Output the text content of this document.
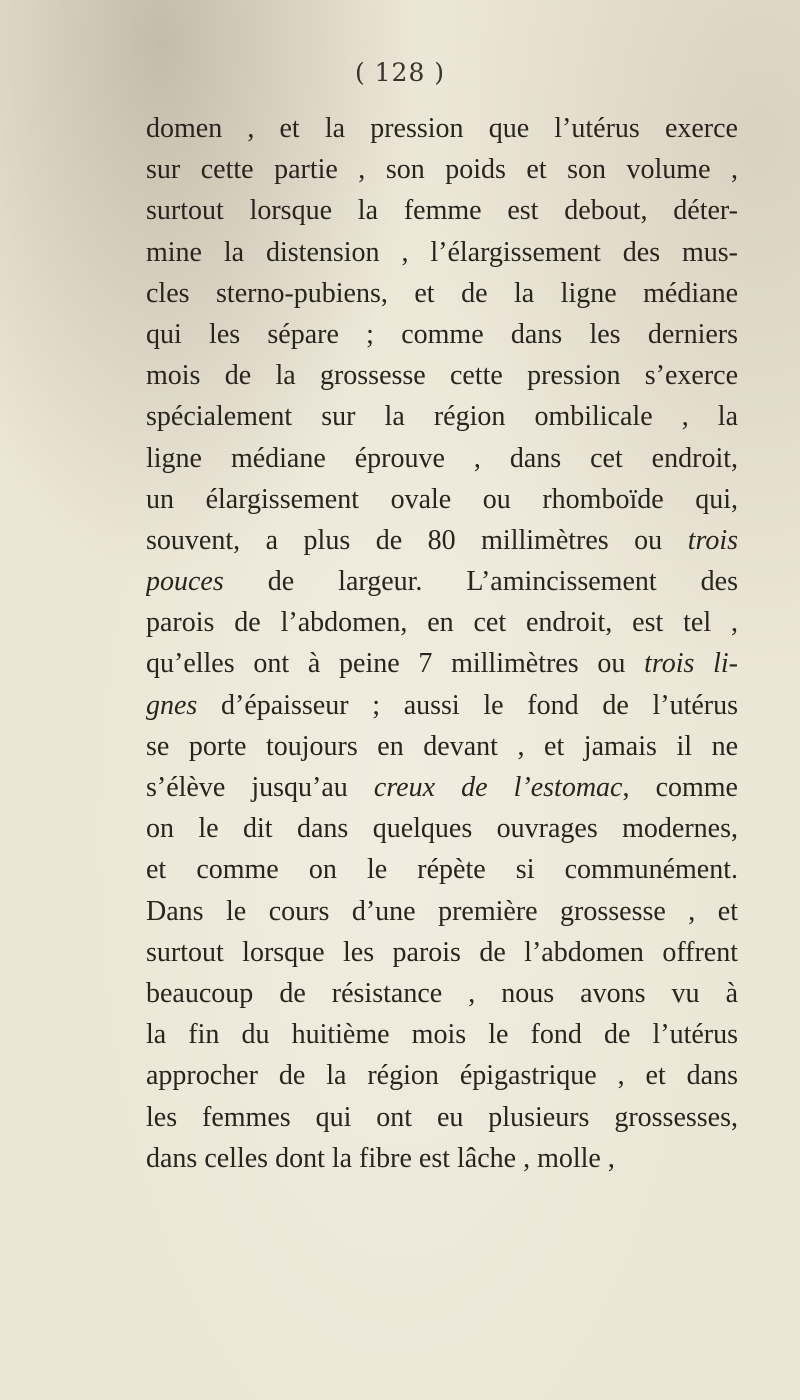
( 128 )
domen , et la pression que l’utérus exerce
sur cette partie , son poids et son volume ,
surtout lorsque la femme est debout, déter-
mine la distension , l’élargissement des mus-
cles sterno-pubiens, et de la ligne médiane
qui les sépare ; comme dans les derniers
mois de la grossesse cette pression s’exerce
spécialement sur la région ombilicale , la
ligne médiane éprouve , dans cet endroit,
un élargissement ovale ou rhomboïde qui,
souvent, a plus de 80 millimètres ou trois
pouces de largeur. L’amincissement des
parois de l’abdomen, en cet endroit, est tel ,
qu’elles ont à peine 7 millimètres ou trois li-
gnes d’épaisseur ; aussi le fond de l’utérus
se porte toujours en devant , et jamais il ne
s’élève jusqu’au creux de l’estomac, comme
on le dit dans quelques ouvrages modernes,
et comme on le répète si communément.
Dans le cours d’une première grossesse , et
surtout lorsque les parois de l’abdomen offrent
beaucoup de résistance , nous avons vu à
la fin du huitième mois le fond de l’utérus
approcher de la région épigastrique , et dans
les femmes qui ont eu plusieurs grossesses,
dans celles dont la fibre est lâche , molle ,
